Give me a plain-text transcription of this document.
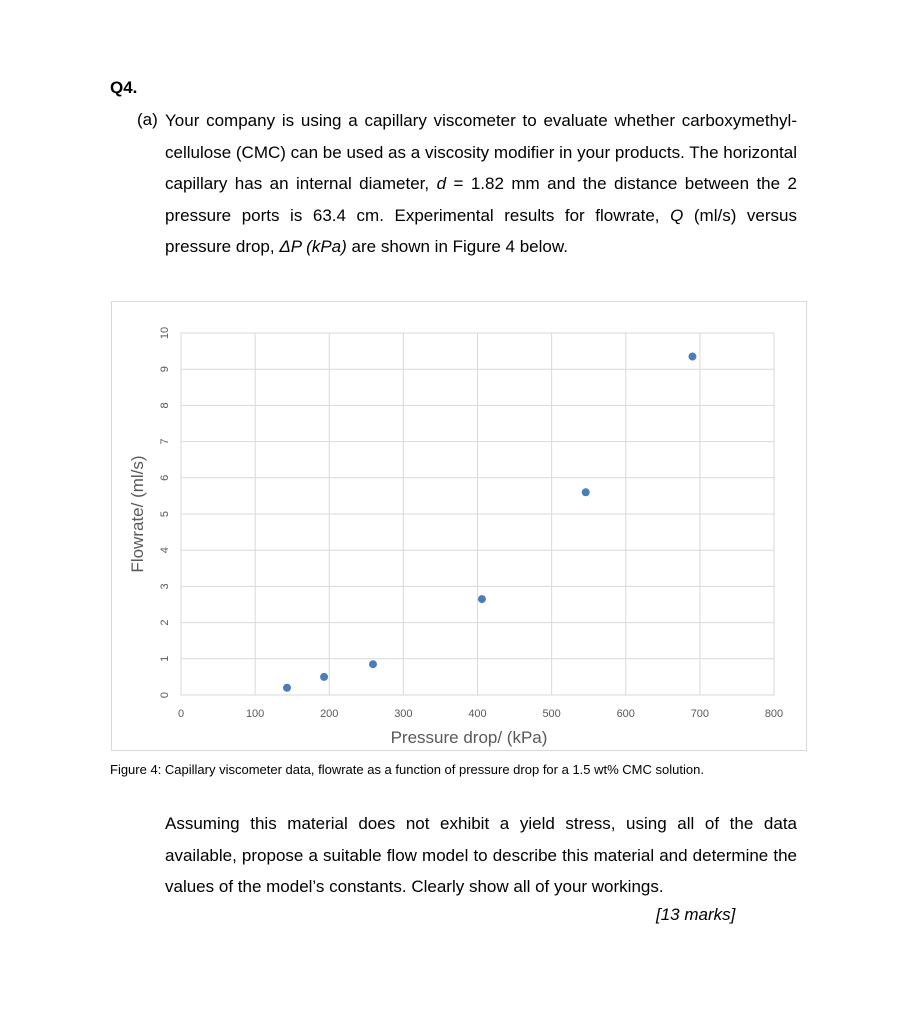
Q4.
(a) Your company is using a capillary viscometer to evaluate whether carboxymethyl-cellulose (CMC) can be used as a viscosity modifier in your products. The horizontal capillary has an internal diameter, d = 1.82 mm and the distance between the 2 pressure ports is 63.4 cm. Experimental results for flowrate, Q (ml/s) versus pressure drop, ΔP (kPa) are shown in Figure 4 below.

0	100	200	300	400	500	600	700	800
0
1
2
3
4
5
6
7
8
9
10
Pressure drop/ (kPa)
Flowrate/ (ml/s)
Figure 4: Capillary viscometer data, flowrate as a function of pressure drop for a 1.5 wt% CMC solution.

Assuming this material does not exhibit a yield stress, using all of the data available, propose a suitable flow model to describe this material and determine the values of the model’s constants. Clearly show all of your workings.

[13 marks]
